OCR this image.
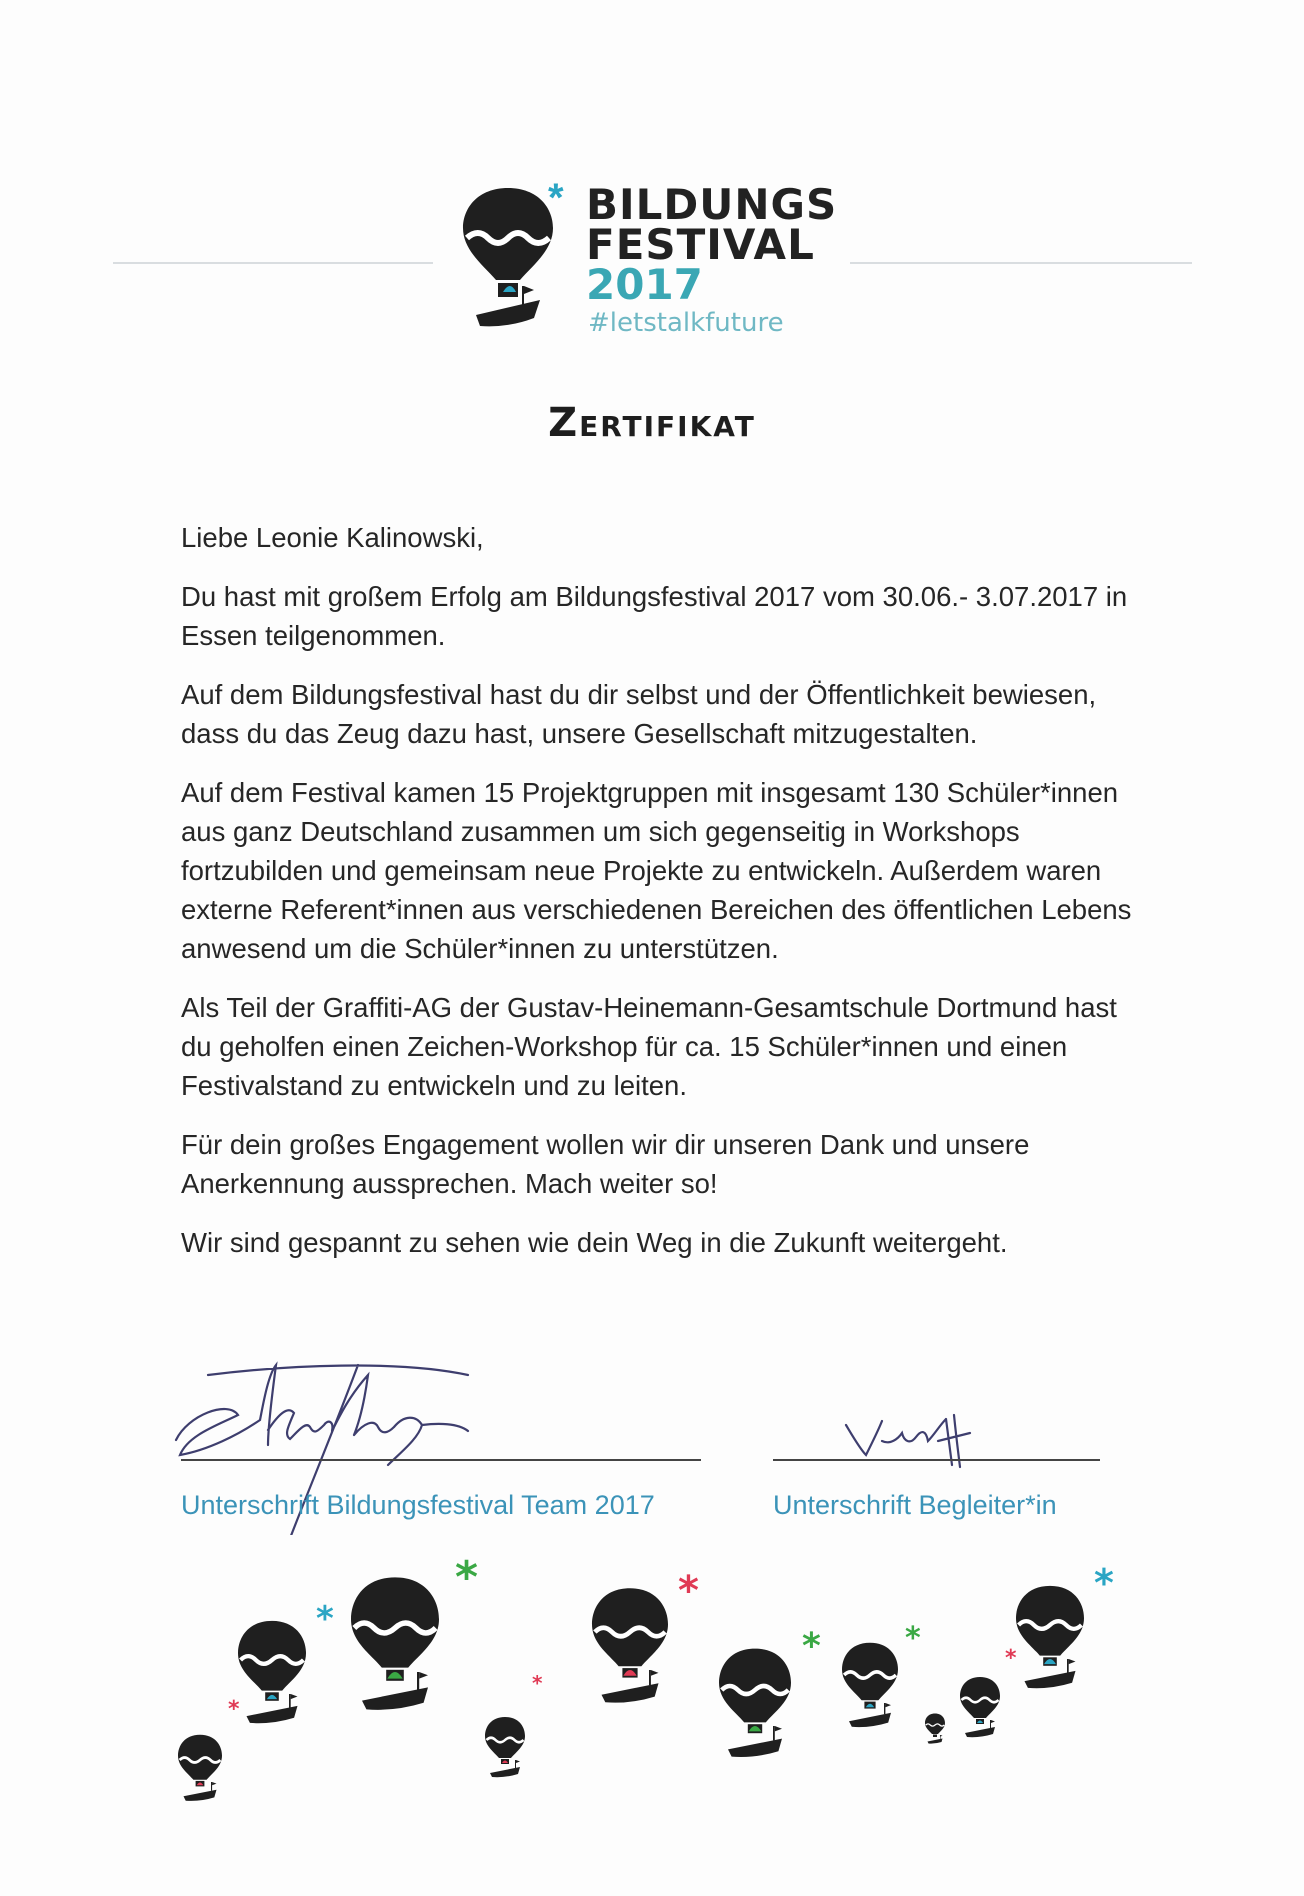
* BILDUNGS
FESTIVAL
2017
#letstalkfuture
Zertifikat

Liebe Leonie Kalinowski,

Du hast mit großem Erfolg am Bildungsfestival 2017 vom 30.06.- 3.07.2017 in Essen teilgenommen.

Auf dem Bildungsfestival hast du dir selbst und der Öffentlichkeit bewiesen, dass du das Zeug dazu hast, unsere Gesellschaft mitzugestalten.

Auf dem Festival kamen 15 Projektgruppen mit insgesamt 130 Schüler*innen aus ganz Deutschland zusammen um sich gegenseitig in Workshops fortzubilden und gemeinsam neue Projekte zu entwickeln. Außerdem waren externe Referent*innen aus verschiedenen Bereichen des öffentlichen Lebens anwesend um die Schüler*innen zu unterstützen.

Als Teil der Graffiti-AG der Gustav-Heinemann-Gesamtschule Dortmund hast du geholfen einen Zeichen-Workshop für ca. 15 Schüler*innen und einen Festivalstand zu entwickeln und zu leiten.

Für dein großes Engagement wollen wir dir unseren Dank und unsere Anerkennung aussprechen. Mach weiter so!

Wir sind gespannt zu sehen wie dein Weg in die Zukunft weitergeht.

Unterschrift Bildungsfestival Team 2017	Unterschrift Begleiter*in
*
*
*
*
*
*	*
*
*
